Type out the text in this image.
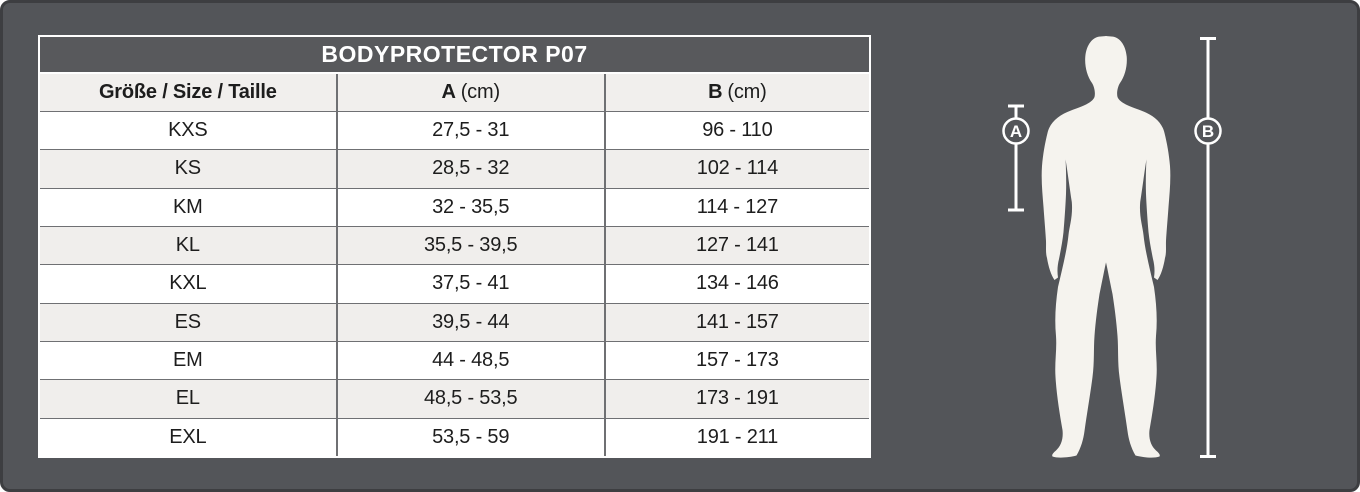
BODYPROTECTOR P07
Größe / Size / Taille	A (cm)	B (cm)
KXS	27,5 - 31	96 - 110
KS	28,5 - 32	102 - 114
KM	32 - 35,5	114 - 127
KL	35,5 - 39,5	127 - 141
KXL	37,5 - 41	134 - 146
ES	39,5 - 44	141 - 157
EM	44 - 48,5	157 - 173
EL	48,5 - 53,5	173 - 191
EXL	53,5 - 59	191 - 211
A	B
